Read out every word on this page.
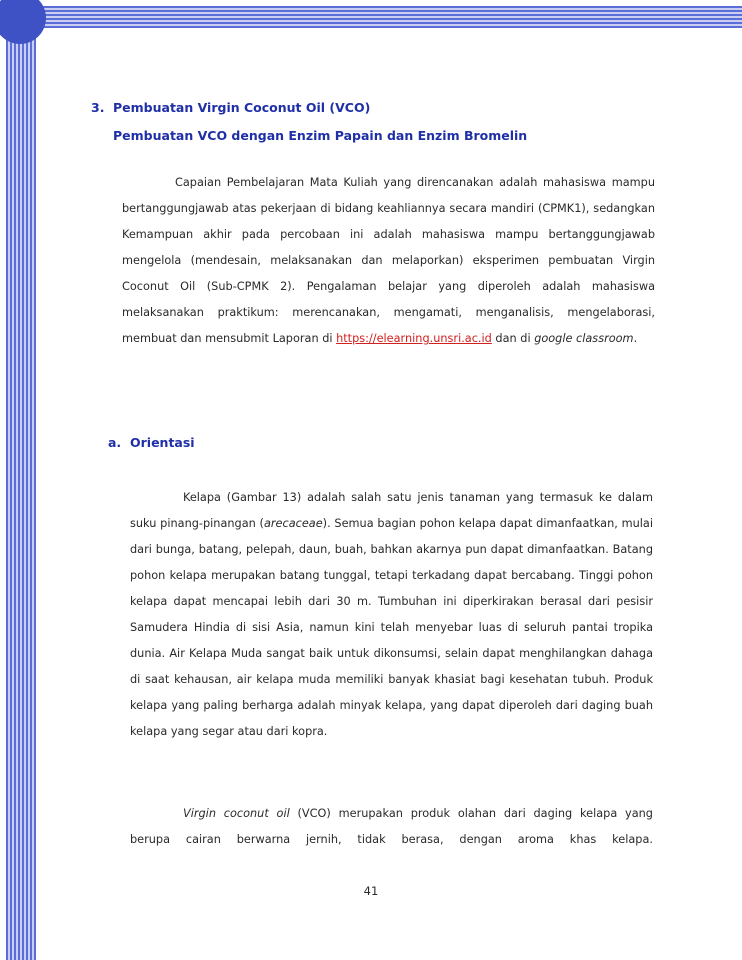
3. Pembuatan Virgin Coconut Oil (VCO)
Pembuatan VCO dengan Enzim Papain dan Enzim Bromelin

Capaian Pembelajaran Mata Kuliah yang direncanakan adalah mahasiswa mampu bertanggungjawab atas pekerjaan di bidang keahliannya secara mandiri (CPMK1), sedangkan Kemampuan akhir pada percobaan ini adalah mahasiswa mampu bertanggungjawab mengelola (mendesain, melaksanakan dan melaporkan) eksperimen pembuatan Virgin Coconut Oil (Sub-CPMK 2). Pengalaman belajar yang diperoleh adalah mahasiswa melaksanakan praktikum: merencanakan, mengamati, menganalisis, mengelaborasi, membuat dan mensubmit Laporan di https://elearning.unsri.ac.id dan di google classroom.

a. Orientasi

Kelapa (Gambar 13) adalah salah satu jenis tanaman yang termasuk ke dalam suku pinang-pinangan (arecaceae). Semua bagian pohon kelapa dapat dimanfaatkan, mulai dari bunga, batang, pelepah, daun, buah, bahkan akarnya pun dapat dimanfaatkan. Batang pohon kelapa merupakan batang tunggal, tetapi terkadang dapat bercabang. Tinggi pohon kelapa dapat mencapai lebih dari 30 m. Tumbuhan ini diperkirakan berasal dari pesisir Samudera Hindia di sisi Asia, namun kini telah menyebar luas di seluruh pantai tropika dunia. Air Kelapa Muda sangat baik untuk dikonsumsi, selain dapat menghilangkan dahaga di saat kehausan, air kelapa muda memiliki banyak khasiat bagi kesehatan tubuh. Produk kelapa yang paling berharga adalah minyak kelapa, yang dapat diperoleh dari daging buah kelapa yang segar atau dari kopra.

Virgin coconut oil (VCO) merupakan produk olahan dari daging kelapa yang berupa cairan berwarna jernih, tidak berasa, dengan aroma khas kelapa.

41
